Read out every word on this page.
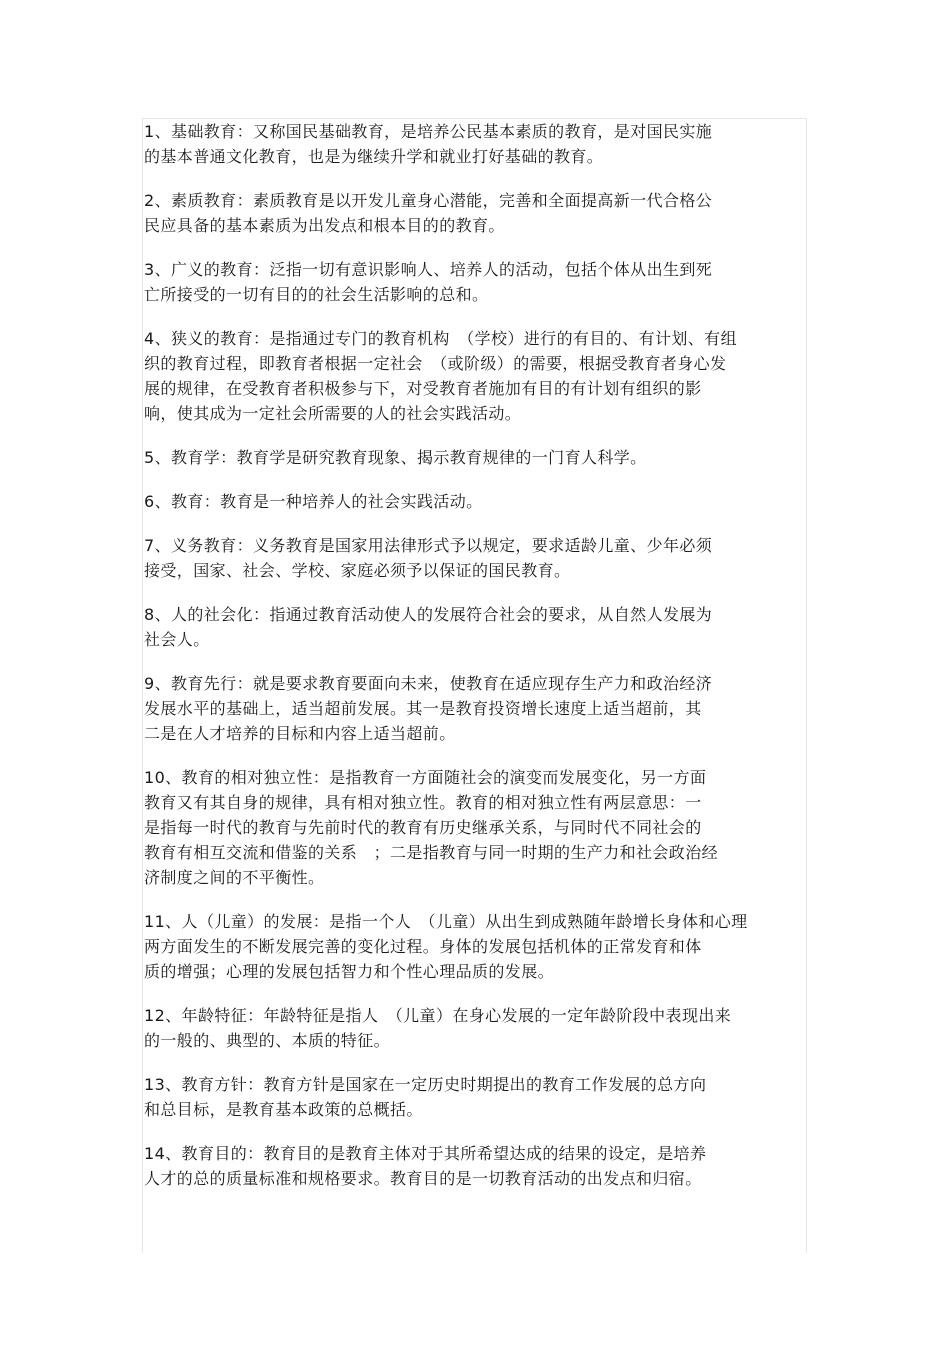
1、基础教育：又称国民基础教育，是培养公民基本素质的教育，是对国民实施
的基本普通文化教育，也是为继续升学和就业打好基础的教育。

2、素质教育：素质教育是以开发儿童身心潜能，完善和全面提高新一代合格公
民应具备的基本素质为出发点和根本目的的教育。

3、广义的教育：泛指一切有意识影响人、培养人的活动，包括个体从出生到死
亡所接受的一切有目的的社会生活影响的总和。

4、狭义的教育：是指通过专门的教育机构　（学校）进行的有目的、有计划、有组
织的教育过程，即教育者根据一定社会　（或阶级）的需要，根据受教育者身心发
展的规律，在受教育者积极参与下，对受教育者施加有目的有计划有组织的影
响，使其成为一定社会所需要的人的社会实践活动。

5、教育学：教育学是研究教育现象、揭示教育规律的一门育人科学。

6、教育：教育是一种培养人的社会实践活动。

7、义务教育：义务教育是国家用法律形式予以规定，要求适龄儿童、少年必须
接受，国家、社会、学校、家庭必须予以保证的国民教育。

8、人的社会化：指通过教育活动使人的发展符合社会的要求，从自然人发展为
社会人。

9、教育先行：就是要求教育要面向未来，使教育在适应现存生产力和政治经济
发展水平的基础上，适当超前发展。其一是教育投资增长速度上适当超前，其
二是在人才培养的目标和内容上适当超前。

10、教育的相对独立性：是指教育一方面随社会的演变而发展变化，另一方面
教育又有其自身的规律，具有相对独立性。教育的相对独立性有两层意思：一
是指每一时代的教育与先前时代的教育有历史继承关系，与同时代不同社会的
教育有相互交流和借鉴的关系　；二是指教育与同一时期的生产力和社会政治经
济制度之间的不平衡性。

11、人（儿童）的发展：是指一个人　（儿童）从出生到成熟随年龄增长身体和心理
两方面发生的不断发展完善的变化过程。身体的发展包括机体的正常发育和体
质的增强；心理的发展包括智力和个性心理品质的发展。

12、年龄特征：年龄特征是指人　（儿童）在身心发展的一定年龄阶段中表现出来
的一般的、典型的、本质的特征。

13、教育方针：教育方针是国家在一定历史时期提出的教育工作发展的总方向
和总目标，是教育基本政策的总概括。

14、教育目的：教育目的是教育主体对于其所希望达成的结果的设定，是培养
人才的总的质量标准和规格要求。教育目的是一切教育活动的出发点和归宿。
